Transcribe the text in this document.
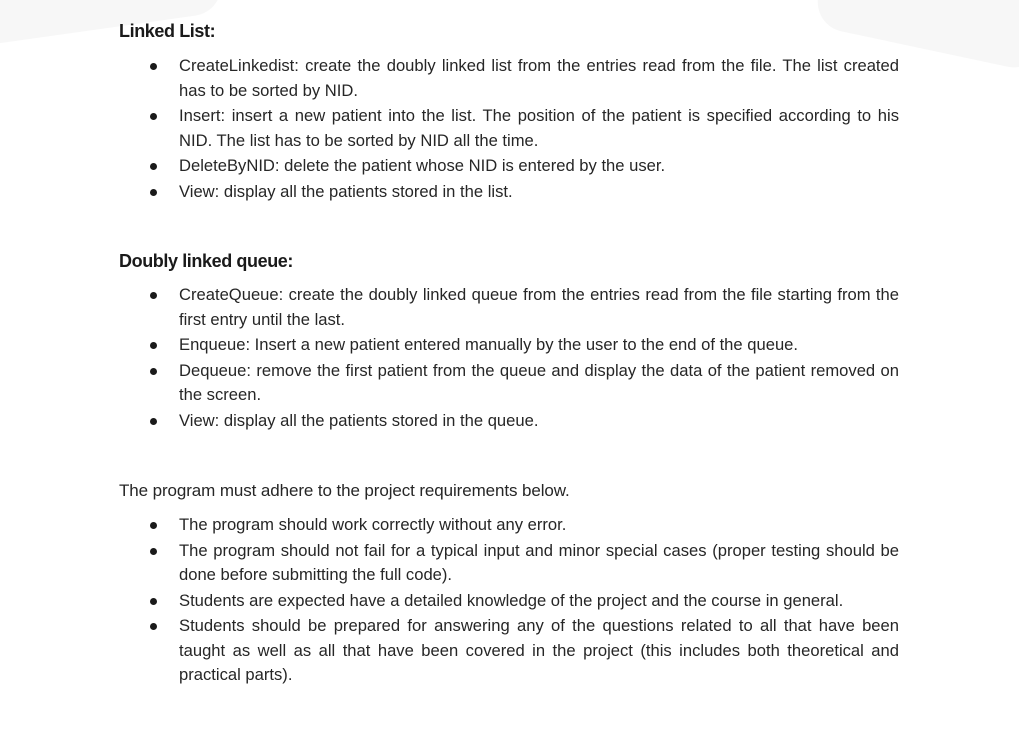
Linked List:

CreateLinkedist: create the doubly linked list from the entries read from the file. The list created has to be sorted by NID.
Insert: insert a new patient into the list. The position of the patient is specified according to his NID. The list has to be sorted by NID all the time.
DeleteByNID: delete the patient whose NID is entered by the user.
View: display all the patients stored in the list.

Doubly linked queue:

CreateQueue: create the doubly linked queue from the entries read from the file starting from the first entry until the last.
Enqueue: Insert a new patient entered manually by the user to the end of the queue.
Dequeue: remove the first patient from the queue and display the data of the patient removed on the screen.
View: display all the patients stored in the queue.

The program must adhere to the project requirements below.

The program should work correctly without any error.
The program should not fail for a typical input and minor special cases (proper testing should be done before submitting the full code).
Students are expected have a detailed knowledge of the project and the course in general.
Students should be prepared for answering any of the questions related to all that have been taught as well as all that have been covered in the project (this includes both theoretical and practical parts).
